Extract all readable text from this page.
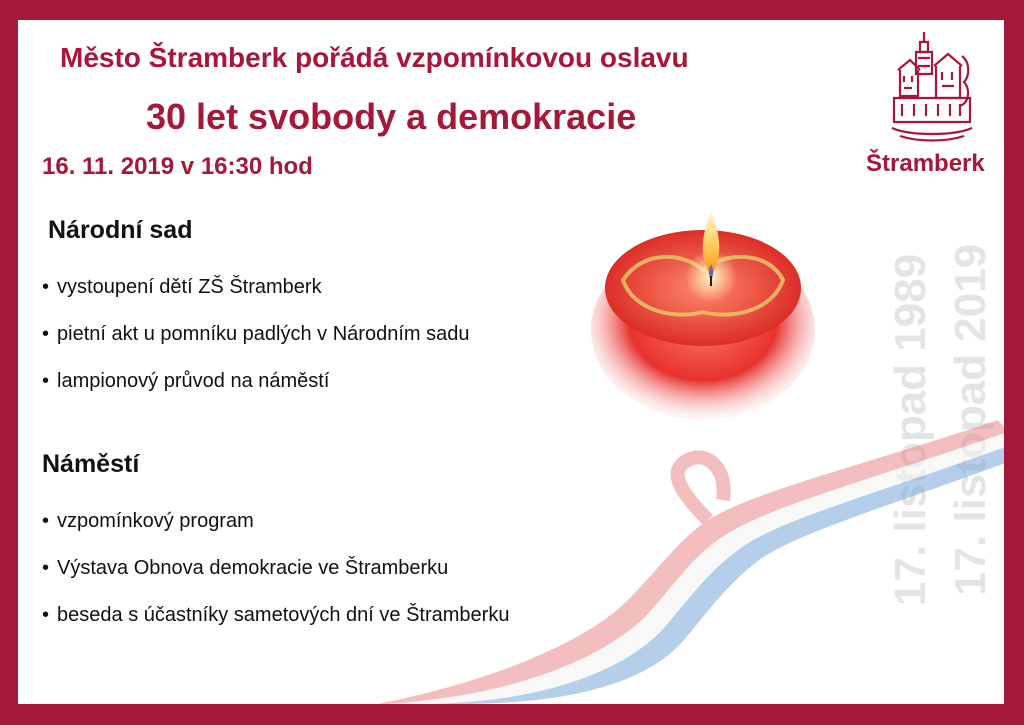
Město Štramberk pořádá vzpomínkovou oslavu
30 let svobody a demokracie
16. 11. 2019 v 16:30 hod	Štramberk
17. listopad 1989 17. listopad 2019
Národní sad
• vystoupení dětí ZŠ Štramberk
• pietní akt u pomníku padlých v Národním sadu
• lampionový průvod na náměstí
Náměstí
• vzpomínkový program
• Výstava Obnova demokracie ve Štramberku
• beseda s účastníky sametových dní ve Štramberku
